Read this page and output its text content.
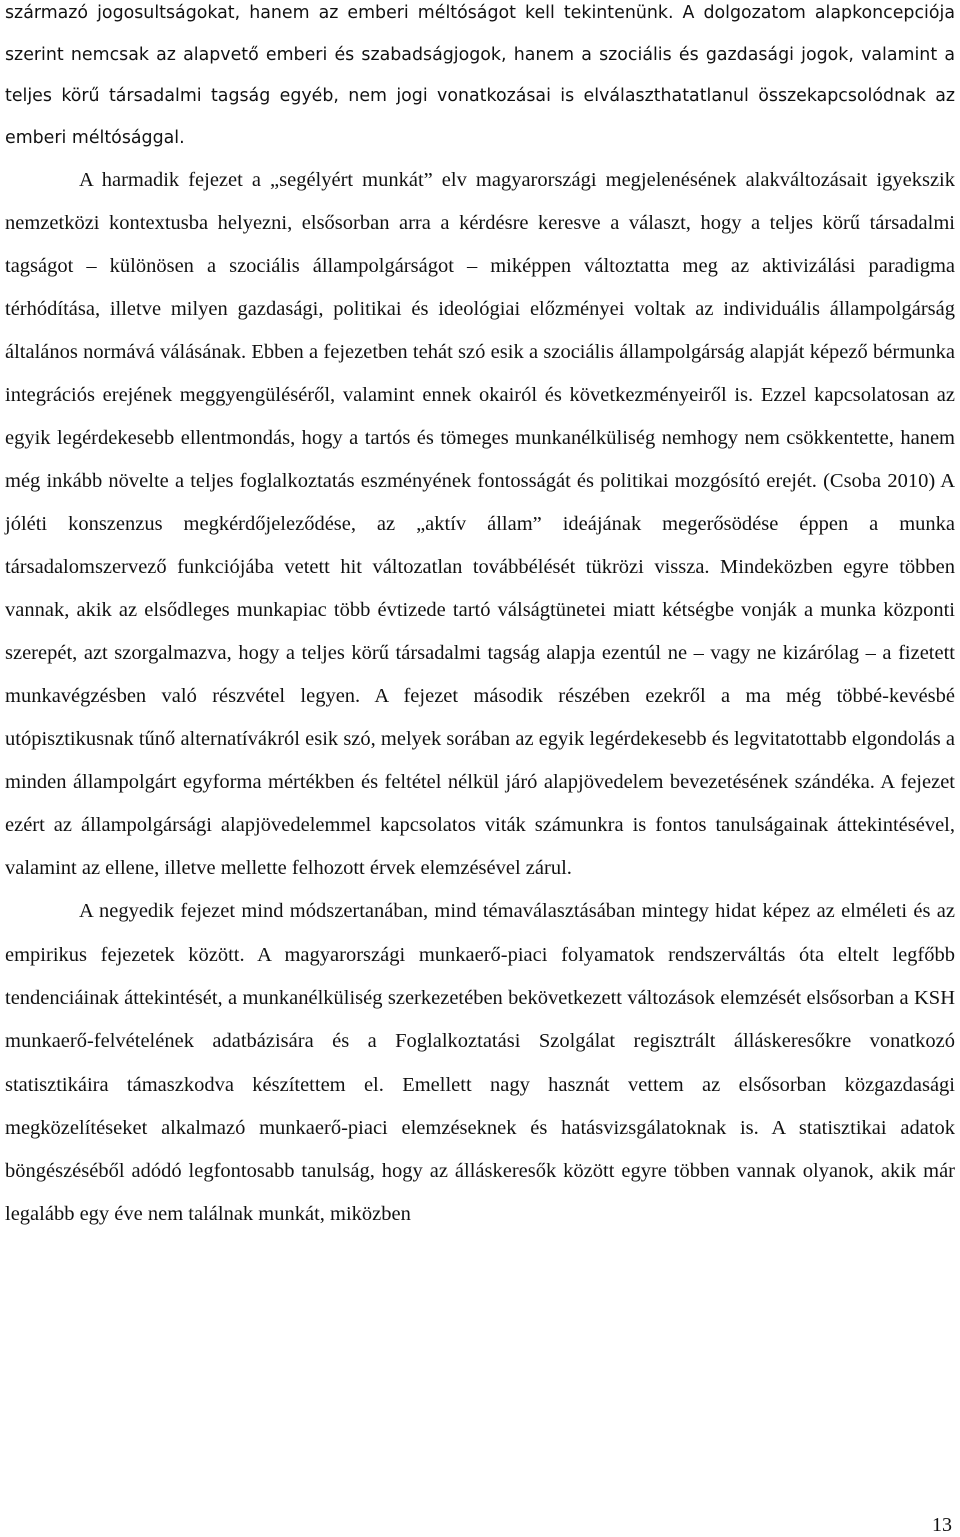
származó jogosultságokat, hanem az emberi méltóságot kell tekintenünk. A dolgozatom alapkoncepciója szerint nemcsak az alapvető emberi és szabadságjogok, hanem a szociális és gazdasági jogok, valamint a teljes körű társadalmi tagság egyéb, nem jogi vonatkozásai is elválaszthatatlanul összekapcsolódnak az emberi méltósággal.

A harmadik fejezet a „segélyért munkát” elv magyarországi megjelenésének alakváltozásait igyekszik nemzetközi kontextusba helyezni, elsősorban arra a kérdésre keresve a választ, hogy a teljes körű társadalmi tagságot – különösen a szociális állampolgárságot – miképpen változtatta meg az aktivizálási paradigma térhódítása, illetve milyen gazdasági, politikai és ideológiai előzményei voltak az individuális állampolgárság általános normává válásának. Ebben a fejezetben tehát szó esik a szociális állampolgárság alapját képező bérmunka integrációs erejének meggyengüléséről, valamint ennek okairól és következményeiről is. Ezzel kapcsolatosan az egyik legérdekesebb ellentmondás, hogy a tartós és tömeges munkanélküliség nemhogy nem csökkentette, hanem még inkább növelte a teljes foglalkoztatás eszményének fontosságát és politikai mozgósító erejét. (Csoba 2010) A jóléti konszenzus megkérdőjeleződése, az „aktív állam” ideájának megerősödése éppen a munka társadalomszervező funkciójába vetett hit változatlan továbbélését tükrözi vissza. Mindeközben egyre többen vannak, akik az elsődleges munkapiac több évtizede tartó válságtünetei miatt kétségbe vonják a munka központi szerepét, azt szorgalmazva, hogy a teljes körű társadalmi tagság alapja ezentúl ne – vagy ne kizárólag – a fizetett munkavégzésben való részvétel legyen. A fejezet második részében ezekről a ma még többé-kevésbé utópisztikusnak tűnő alternatívákról esik szó, melyek sorában az egyik legérdekesebb és legvitatottabb elgondolás a minden állampolgárt egyforma mértékben és feltétel nélkül járó alapjövedelem bevezetésének szándéka. A fejezet ezért az állampolgársági alapjövedelemmel kapcsolatos viták számunkra is fontos tanulságainak áttekintésével, valamint az ellene, illetve mellette felhozott érvek elemzésével zárul.

A negyedik fejezet mind módszertanában, mind témaválasztásában mintegy hidat képez az elméleti és az empirikus fejezetek között. A magyarországi munkaerő-piaci folyamatok rendszerváltás óta eltelt legfőbb tendenciáinak áttekintését, a munkanélküliség szerkezetében bekövetkezett változások elemzését elsősorban a KSH munkaerő-felvételének adatbázisára és a Foglalkoztatási Szolgálat regisztrált álláskeresőkre vonatkozó statisztikáira támaszkodva készítettem el. Emellett nagy hasznát vettem az elsősorban közgazdasági megközelítéseket alkalmazó munkaerő-piaci elemzéseknek és hatásvizsgálatoknak is. A statisztikai adatok böngészéséből adódó legfontosabb tanulság, hogy az álláskeresők között egyre többen vannak olyanok, akik már legalább egy éve nem találnak munkát, miközben

13
